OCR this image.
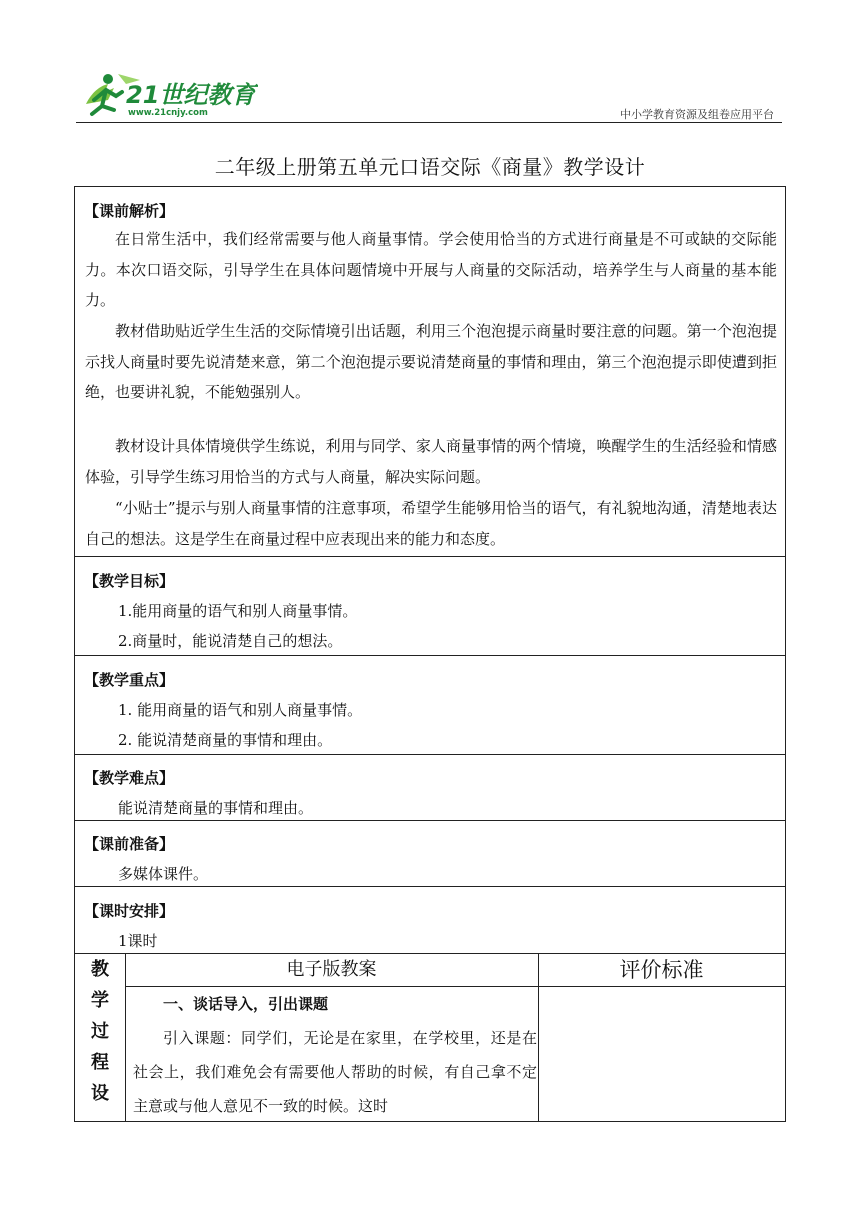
21世纪教育
www.21cnjy.com	中小学教育资源及组卷应用平台
二年级上册第五单元口语交际《商量》教学设计
【课前解析】

在日常生活中，我们经常需要与他人商量事情。学会使用恰当的方式进行商量是不可或缺的交际能力。本次口语交际，引导学生在具体问题情境中开展与人商量的交际活动，培养学生与人商量的基本能力。

教材借助贴近学生生活的交际情境引出话题，利用三个泡泡提示商量时要注意的问题。第一个泡泡提示找人商量时要先说清楚来意，第二个泡泡提示要说清楚商量的事情和理由，第三个泡泡提示即使遭到拒绝，也要讲礼貌，不能勉强别人。

教材设计具体情境供学生练说，利用与同学、家人商量事情的两个情境，唤醒学生的生活经验和情感体验，引导学生练习用恰当的方式与人商量，解决实际问题。

“小贴士”提示与别人商量事情的注意事项，希望学生能够用恰当的语气，有礼貌地沟通，清楚地表达自己的想法。这是学生在商量过程中应表现出来的能力和态度。

【教学目标】

1.能用商量的语气和别人商量事情。

2.商量时，能说清楚自己的想法。

【教学重点】

1. 能用商量的语气和别人商量事情。

2. 能说清楚商量的事情和理由。

【教学难点】

能说清楚商量的事情和理由。

【课前准备】

多媒体课件。

【课时安排】

1课时

教
学
过
程
设
电子版教案	评价标准

一、谈话导入，引出课题

引入课题：同学们，无论是在家里，在学校里，还是在社会上，我们难免会有需要他人帮助的时候，有自己拿不定主意或与他人意见不一致的时候。这时
